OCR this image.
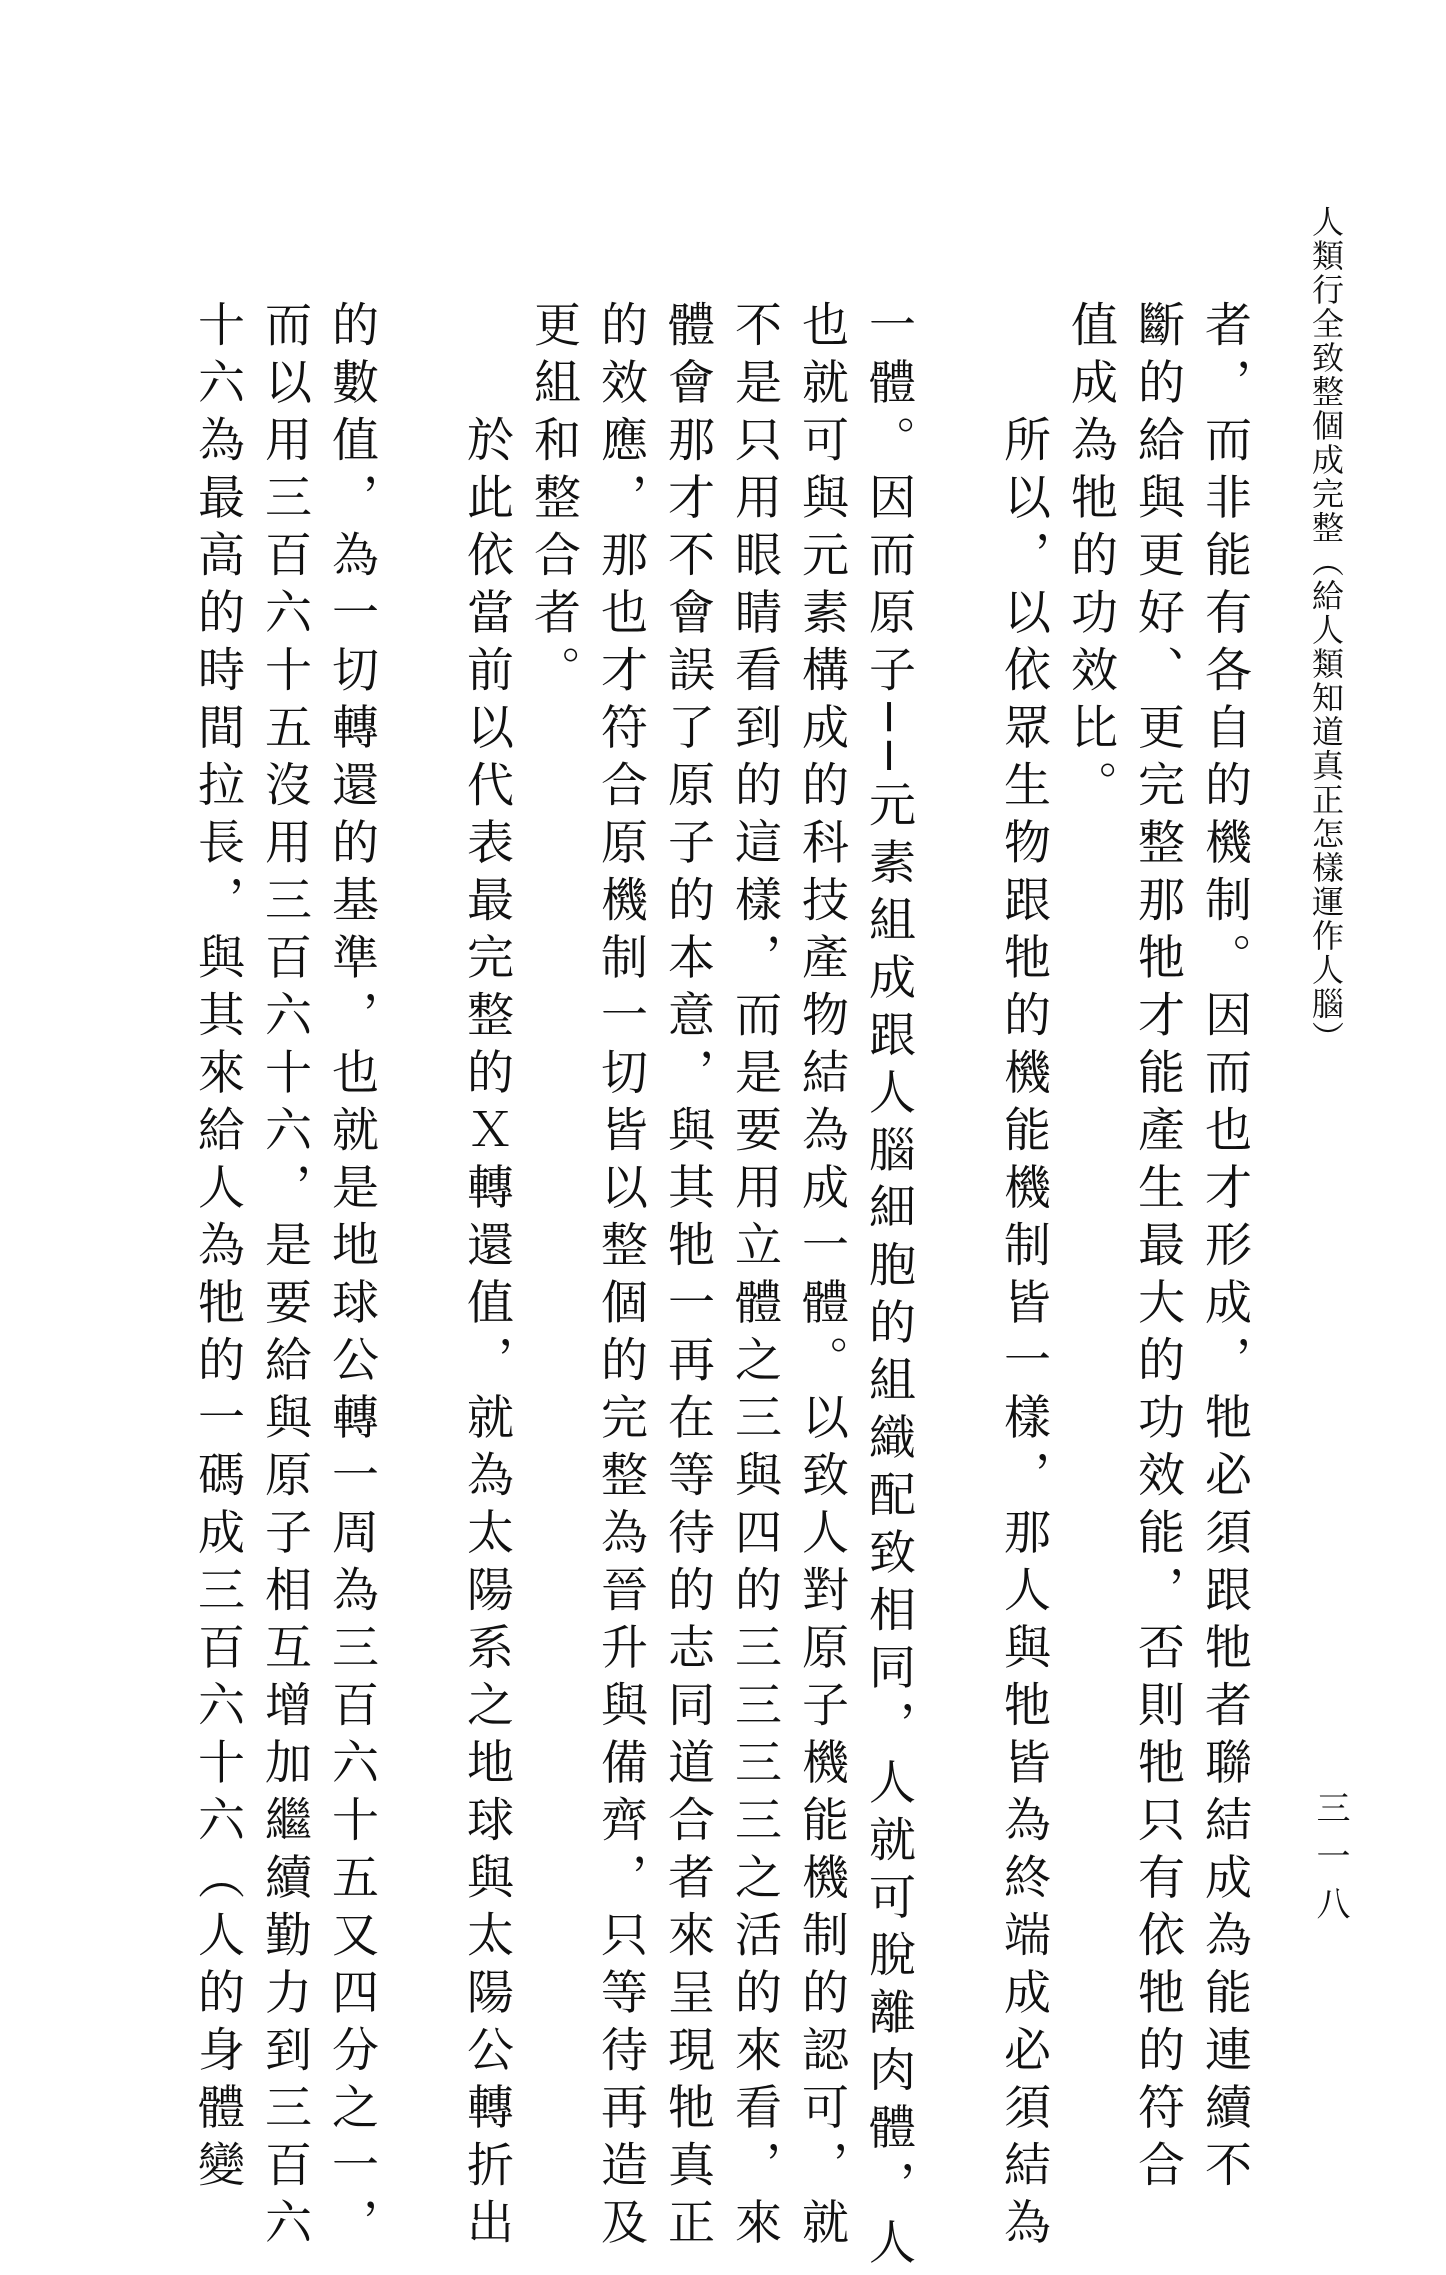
人類行全致整個成完整（給人類知道真正怎樣運作人腦）
三一八
者，而非能有各自的機制。因而也才形成，牠必須跟牠者聯結成為能連續不
斷的給與更好、更完整那牠才能產生最大的功效能，否則牠只有依牠的符合
值成為牠的功效比。
所以，以依眾生物跟牠的機能機制皆一樣，那人與牠皆為終端成必須結為
一體。因而原子──元素組成跟人腦細胞的組織配致相同，人就可脫離肉體，人
也就可與元素構成的科技產物結為成一體。以致人對原子機能機制的認可，就
不是只用眼睛看到的這樣，而是要用立體之三與四的三三三三之活的來看，來
體會那才不會誤了原子的本意，與其牠一再在等待的志同道合者來呈現牠真正
的效應，那也才符合原機制一切皆以整個的完整為晉升與備齊，只等待再造及
更組和整合者。
於此依當前以代表最完整的Ｘ轉還值，就為太陽系之地球與太陽公轉折出
的數值，為一切轉還的基準，也就是地球公轉一周為三百六十五又四分之一，
而以用三百六十五沒用三百六十六，是要給與原子相互增加繼續勤力到三百六
十六為最高的時間拉長，與其來給人為牠的一碼成三百六十六（人的身體變
